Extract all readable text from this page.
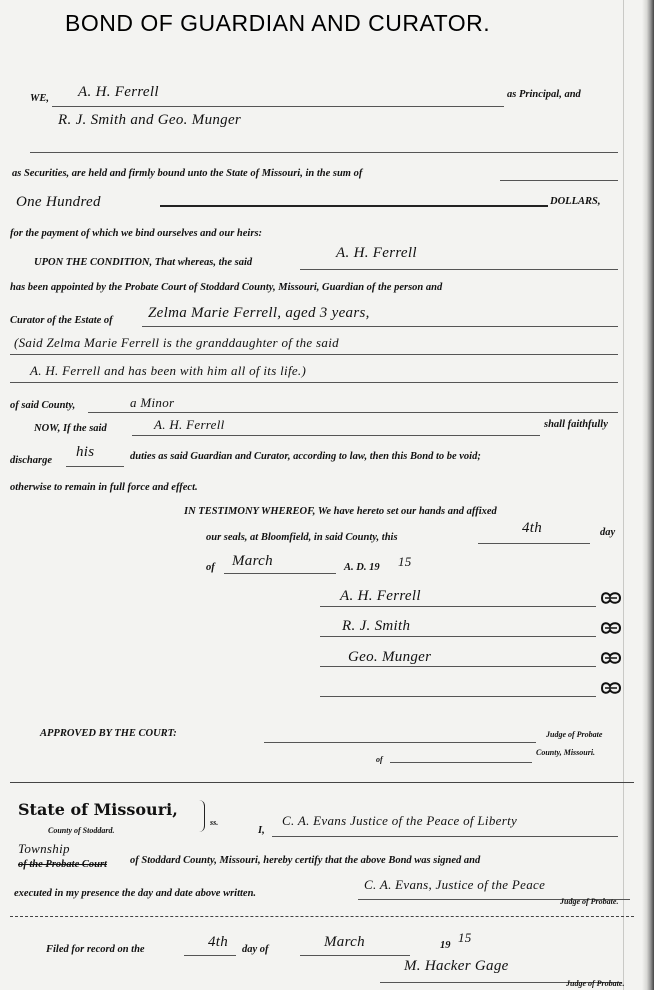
BOND OF GUARDIAN AND CURATOR.
WE, A. H. Ferrell	as Principal, and
R. J. Smith and Geo. Munger
as Securities, are held and firmly bound unto the State of Missouri, in the sum of
One Hundred	DOLLARS,
for the payment of which we bind ourselves and our heirs:
UPON THE CONDITION, That whereas, the said
A. H. Ferrell
has been appointed by the Probate Court of Stoddard County, Missouri, Guardian of the person and
Curator of the Estate of Zelma Marie Ferrell, aged 3 years,
(Said Zelma Marie Ferrell is the granddaughter of the said
A. H. Ferrell and has been with him all of its life.)
of said County,	a Minor
NOW, If the said	A. H. Ferrell	shall faithfully
discharge
his	duties as said Guardian and Curator, according to law, then this Bond to be void;
otherwise to remain in full force and effect.
IN TESTIMONY WHEREOF, We have hereto set our hands and affixed
our seals, at Bloomfield, in said County, this
4th	day
of March	A. D. 19 15
A. H. Ferrell
R. J. Smith
Geo. Munger
APPROVED BY THE COURT:	Judge of Probate
of
County, Missouri.
State of Missouri,
ss.
County of Stoddard.	I,
C. A. Evans Justice of the Peace of Liberty
Township
of the Probate Court of Stoddard County, Missouri, hereby certify that the above Bond was signed and
executed in my presence the day and date above written.
C. A. Evans, Justice of the Peace
Judge of Probate.
Filed for record on the	4th day of	March	19
15
M. Hacker Gage
Judge of Probate.
